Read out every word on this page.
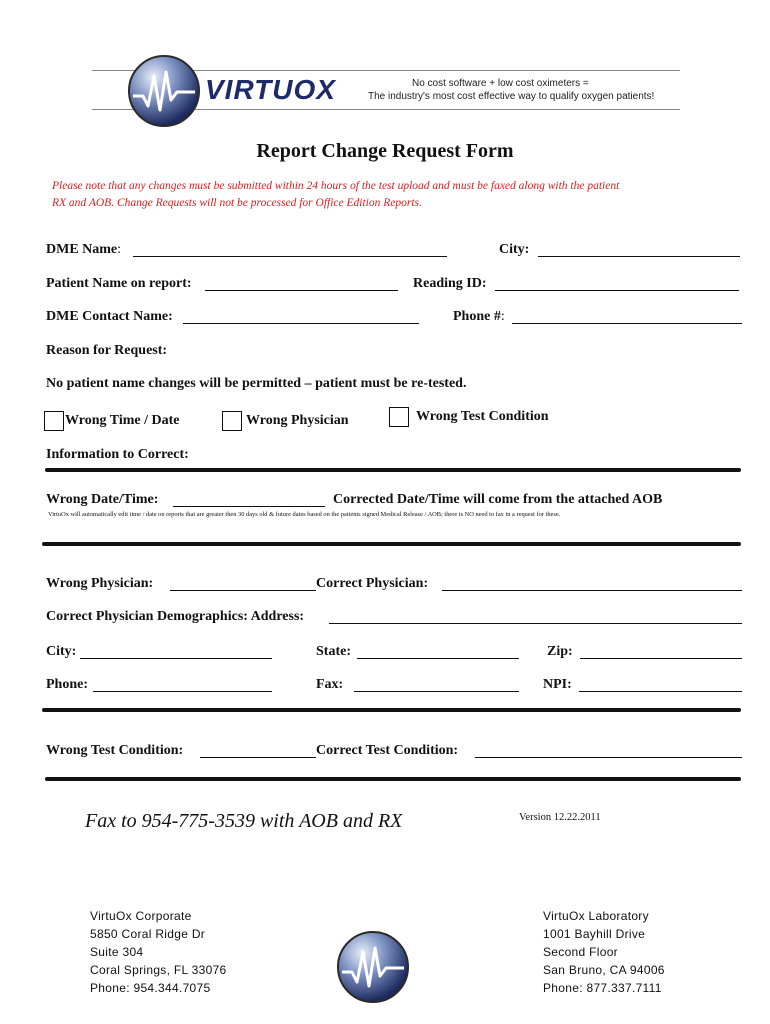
VIRTUOX	No cost software + low cost oximeters =
The industry's most cost effective way to qualify oxygen patients!
Report Change Request Form
Please note that any changes must be submitted within 24 hours of the test upload and must be faxed along with the patient
RX and AOB. Change Requests will not be processed for Office Edition Reports.
DME Name:	City:
Patient Name on report:	Reading ID:
DME Contact Name:	Phone #:
Reason for Request:
No patient name changes will be permitted – patient must be re-tested.
Wrong Time / Date	Wrong Physician	Wrong Test Condition
Information to Correct:
Wrong Date/Time:	Corrected Date/Time will come from the attached AOB
VirtuOx will automatically edit time / date on reports that are greater then 30 days old & future dates based on the patients signed Medical Release / AOB; there is NO need to fax in a request for these.
Wrong Physician:	Correct Physician:
Correct Physician Demographics: Address:
City:	State:	Zip:
Phone:	Fax:	NPI:
Wrong Test Condition:	Correct Test Condition:
Fax to 954-775-3539 with AOB and RX	Version 12.22.2011
VirtuOx Corporate
5850 Coral Ridge Dr
Suite 304
Coral Springs, FL 33076
Phone: 954.344.7075
VirtuOx Laboratory
1001 Bayhill Drive
Second Floor
San Bruno, CA 94006
Phone: 877.337.7111
